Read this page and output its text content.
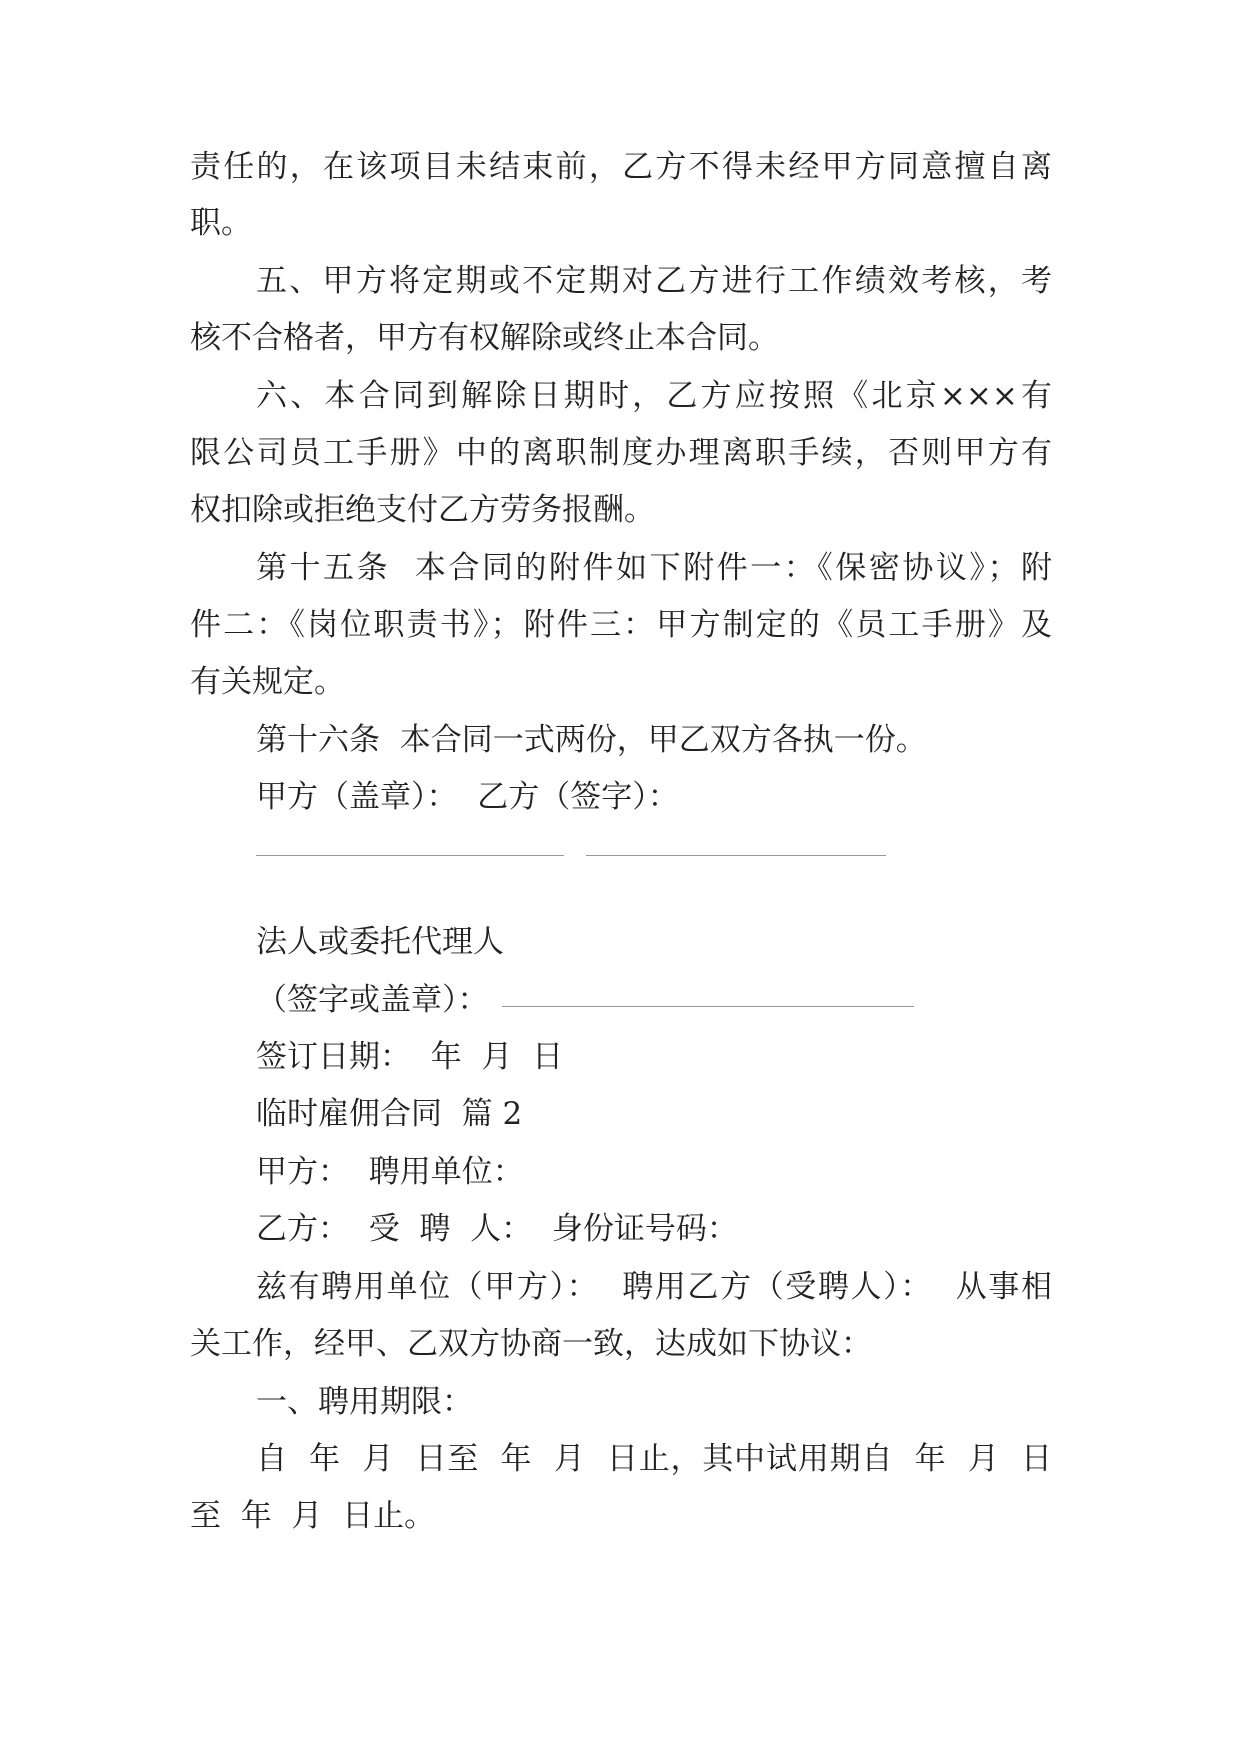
责任的，在该项目未结束前，乙方不得未经甲方同意擅自离
职。
五、甲方将定期或不定期对乙方进行工作绩效考核，考
核不合格者，甲方有权解除或终止本合同。
六、本合同到解除日期时，乙方应按照《北京×××有
限公司员工手册》中的离职制度办理离职手续，否则甲方有
权扣除或拒绝支付乙方劳务报酬。
第十五条  本合同的附件如下附件一：《保密协议》；附
件二：《岗位职责书》；附件三：甲方制定的《员工手册》及
有关规定。
第十六条  本合同一式两份，甲乙双方各执一份。
甲方（盖章）：  乙方（签字）：
法人或委托代理人
（签字或盖章）：
签订日期：  年  月  日
临时雇佣合同  篇 2
甲方：  聘用单位：
乙方：  受  聘  人：  身份证号码：
兹有聘用单位（甲方）：  聘用乙方（受聘人）：  从事相
关工作，经甲、乙双方协商一致，达成如下协议：
一、聘用期限：
自  年  月  日至  年  月  日止，其中试用期自  年  月  日
至  年  月  日止。
